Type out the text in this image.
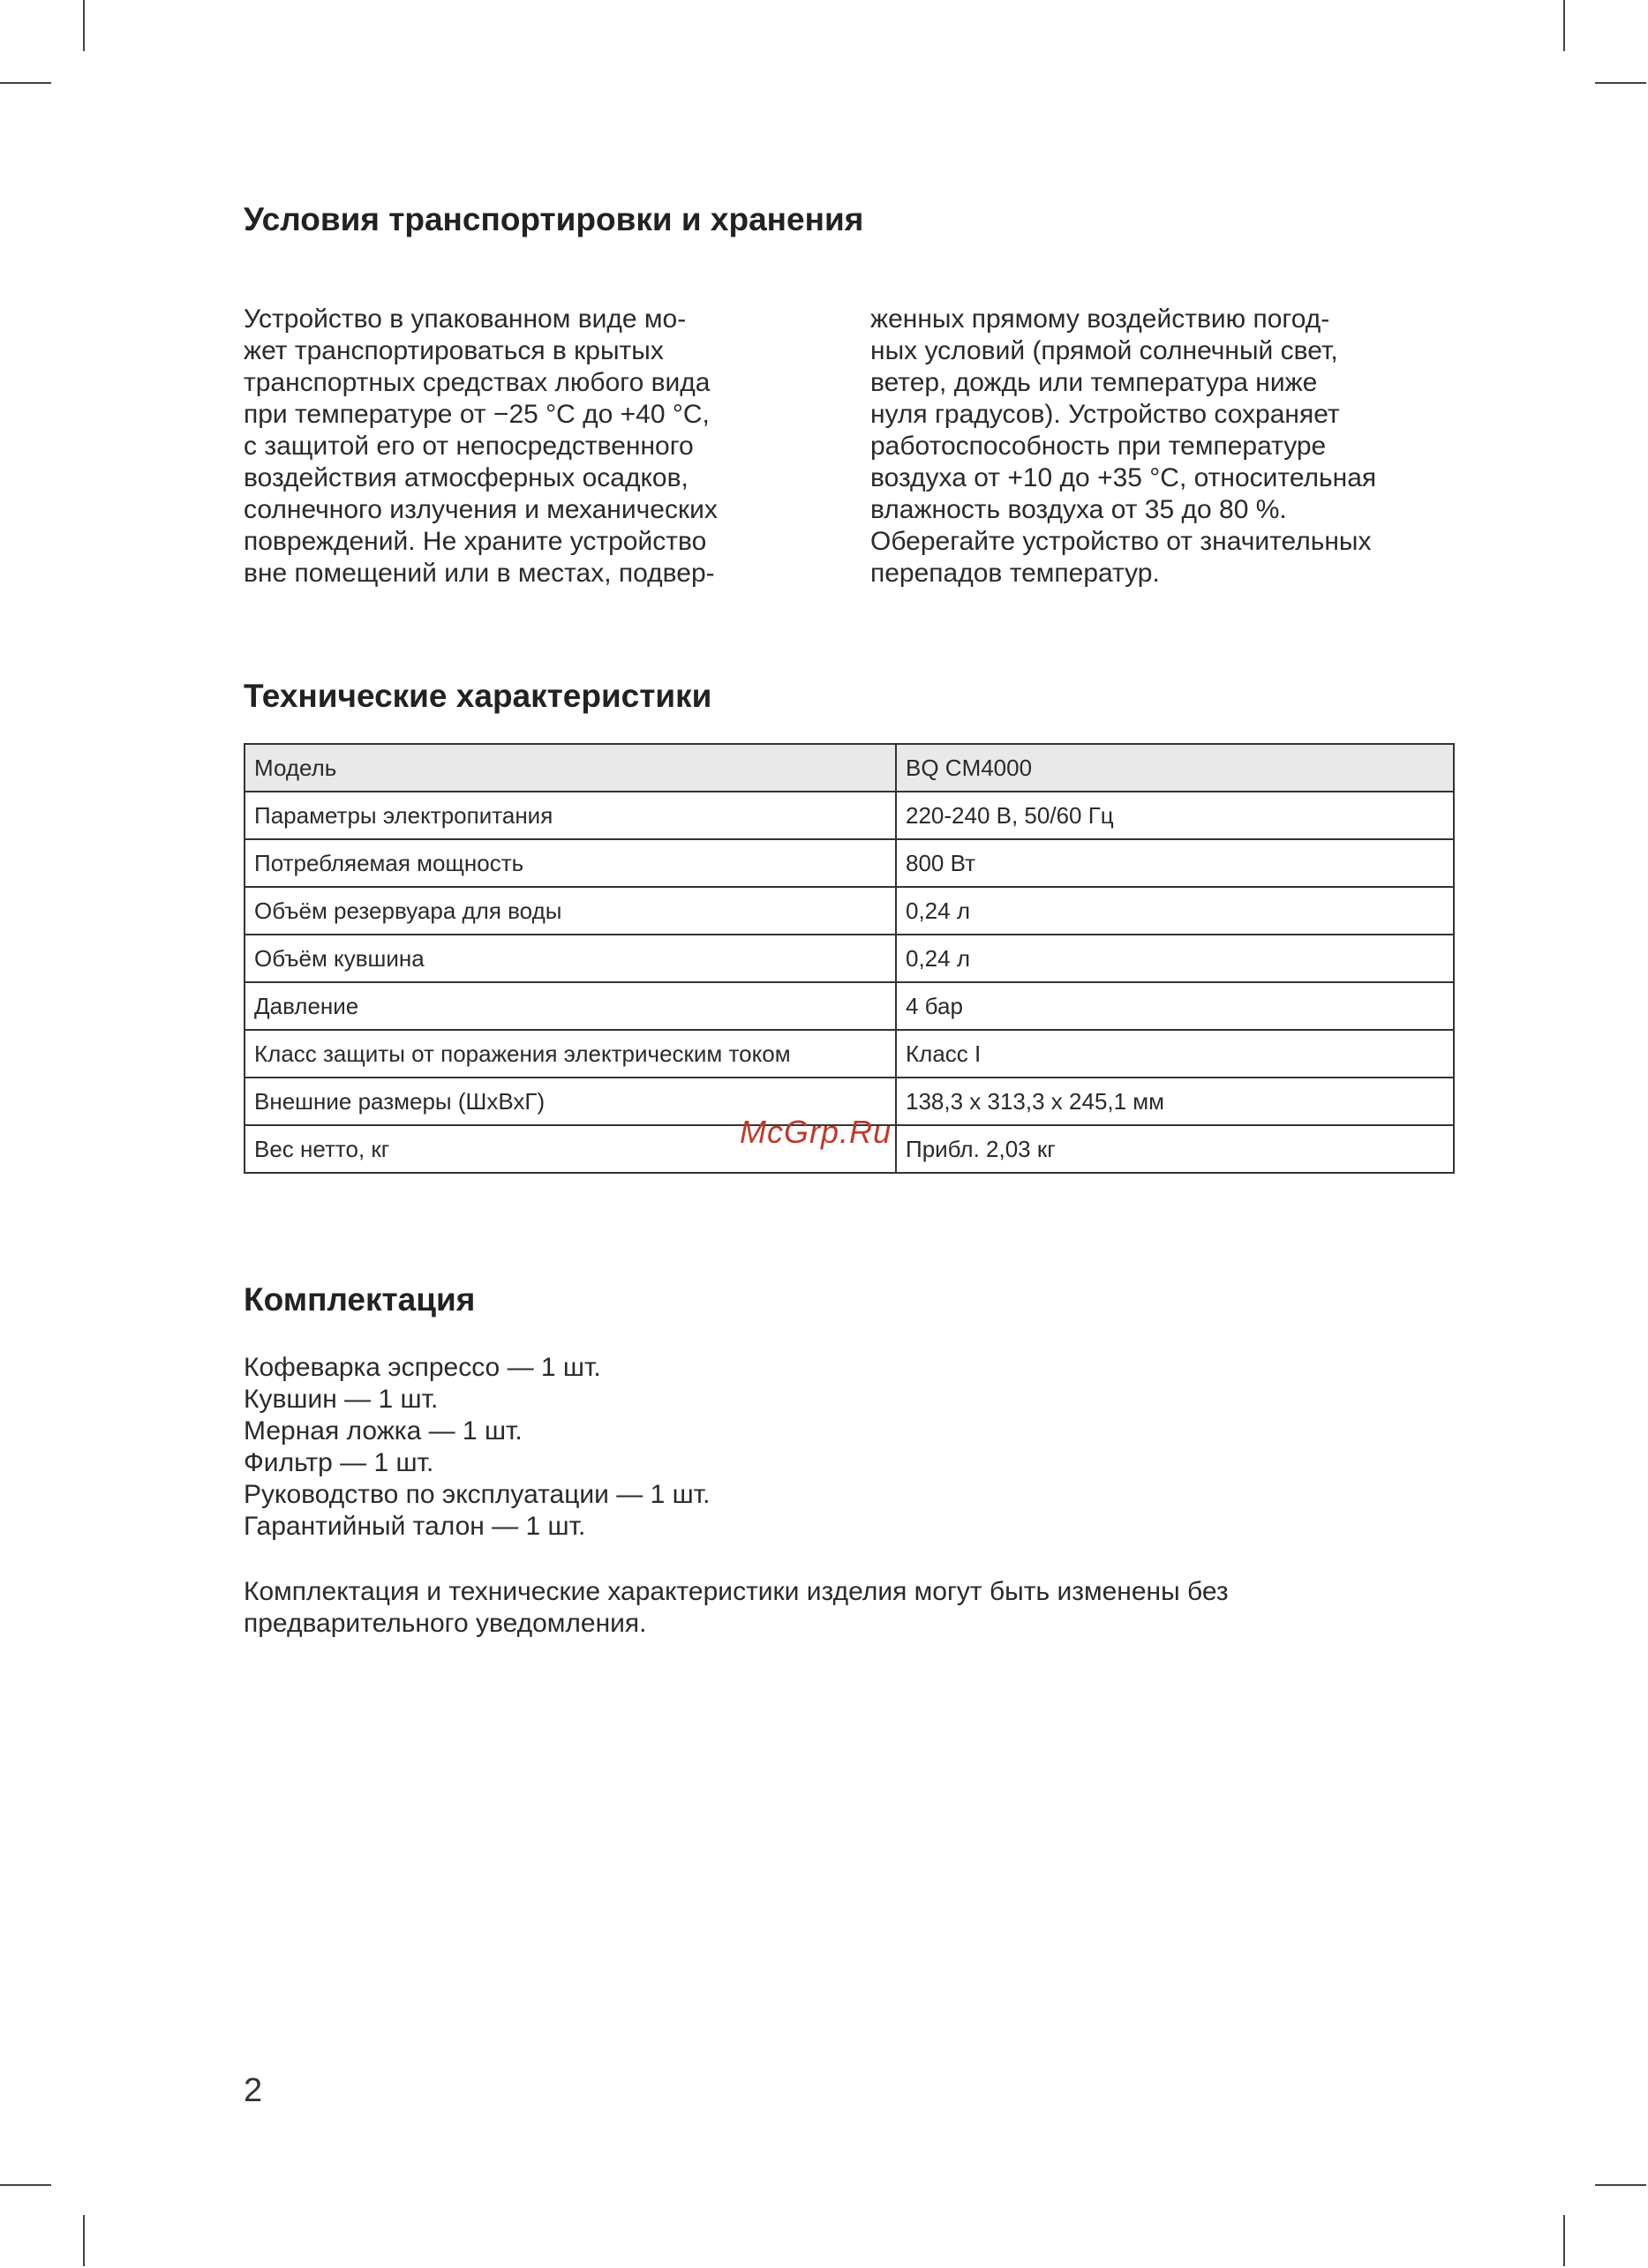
Условия транспортировки и хранения
Устройство в упакованном виде мо-
жет транспортироваться в крытых
транспортных средствах любого вида
при температуре от −25 °C до +40 °C,
с защитой его от непосредственного
воздействия атмосферных осадков,
солнечного излучения и механических
повреждений. Не храните устройство
вне помещений или в местах, подвер-
женных прямому воздействию погод-
ных условий (прямой солнечный свет,
ветер, дождь или температура ниже
нуля градусов). Устройство сохраняет
работоспособность при температуре
воздуха от +10 до +35 °C, относительная
влажность воздуха от 35 до 80 %.
Оберегайте устройство от значительных
перепадов температур.
Технические характеристики
Модель	BQ CM4000
Параметры электропитания	220-240 В, 50/60 Гц
Потребляемая мощность	800 Вт
Объём резервуара для воды	0,24 л
Объём кувшина	0,24 л
Давление	4 бар
Класс защиты от поражения электрическим током	Класс I
Внешние размеры (ШхВхГ)	138,3 x 313,3 x 245,1 мм
Вес нетто, кг	Прибл. 2,03 кг
McGrp.Ru
Комплектация
Кофеварка эспрессо — 1 шт.
Кувшин — 1 шт.
Мерная ложка — 1 шт.
Фильтр — 1 шт.
Руководство по эксплуатации — 1 шт.
Гарантийный талон — 1 шт.
Комплектация и технические характеристики изделия могут быть изменены без
предварительного уведомления.
2
